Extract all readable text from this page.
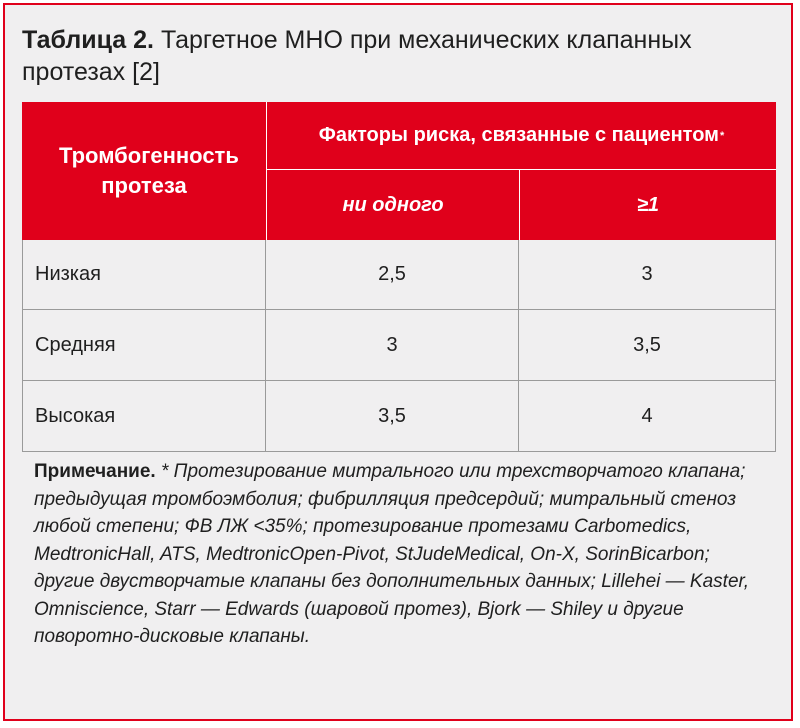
Таблица 2. Таргетное МНО при механических клапанных протезах [2]
Тромбогенность протеза
Факторы риска, связанные с пациентом *
ни одного	≥1
Низкая	2,5	3
Средняя	3	3,5
Высокая	3,5	4
Примечание. * Протезирование митрального или трехстворчатого клапана; предыдущая тромбоэмболия; фибрилляция предсердий; митральный стеноз любой степени; ФВ ЛЖ <35%; протезирование протезами Carbomedics, MedtronicHall, ATS, MedtronicOpen-Pivot, StJudeMedical, On-X, SorinBicarbon; другие двустворчатые клапаны без дополнительных данных; Lillehei — Kaster, Omniscience, Starr — Edwards (шаровой протез), Bjork — Shiley и другие поворотно-дисковые клапаны.
